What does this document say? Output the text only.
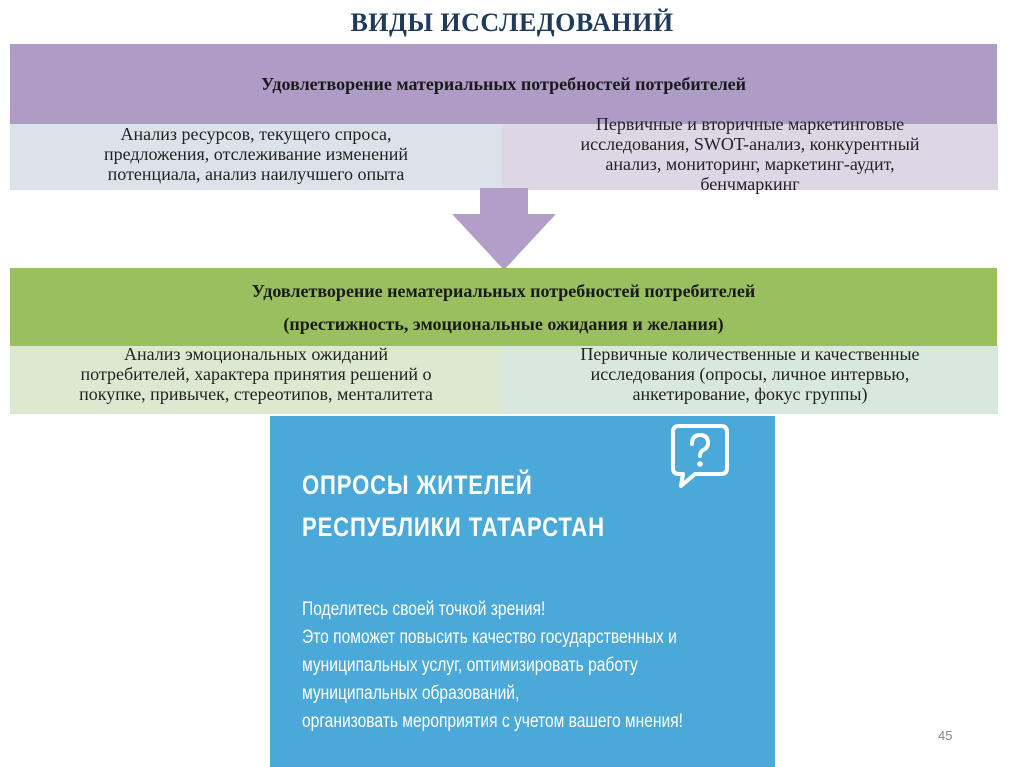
ВИДЫ ИССЛЕДОВАНИЙ
Удовлетворение материальных потребностей потребителей
Анализ ресурсов, текущего спроса,
предложения, отслеживание изменений
потенциала, анализ наилучшего опыта
Первичные и вторичные маркетинговые
исследования, SWOT-анализ, конкурентный
анализ, мониторинг, маркетинг-аудит,
бенчмаркинг
Удовлетворение нематериальных потребностей потребителей
(престижность, эмоциональные ожидания и желания)
Анализ эмоциональных ожиданий
потребителей, характера принятия решений о
покупке, привычек, стереотипов, менталитета
Первичные количественные и качественные
исследования (опросы, личное интервью,
анкетирование, фокус группы)
ОПРОСЫ ЖИТЕЛЕЙ
РЕСПУБЛИКИ ТАТАРСТАН
Поделитесь своей точкой зрения!
Это поможет повысить качество государственных и
муниципальных услуг, оптимизировать работу
муниципальных образований,
организовать мероприятия с учетом вашего мнения!
45
